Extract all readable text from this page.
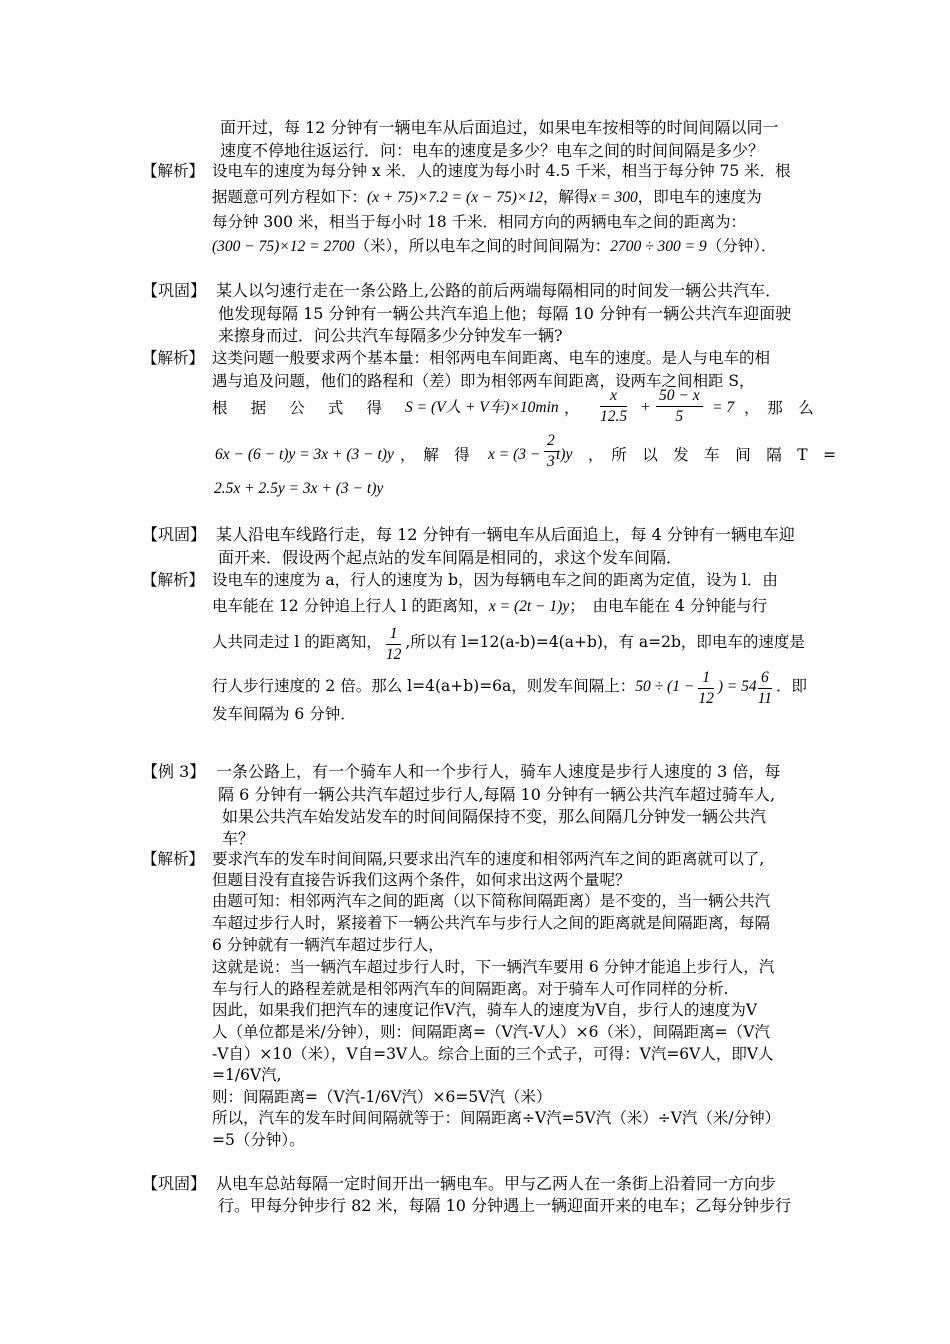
面开过，每 12 分钟有一辆电车从后面追过，如果电车按相等的时间间隔以同一
速度不停地往返运行．问：电车的速度是多少？电车之间的时间间隔是多少？
【解析】 设电车的速度为每分钟 x 米．人的速度为每小时 4.5 千米，相当于每分钟 75 米．根
据题意可列方程如下：(x + 75)×7.2 = (x − 75)×12，解得x = 300，即电车的速度为
每分钟 300 米，相当于每小时 18 千米．相同方向的两辆电车之间的距离为：
(300 − 75)×12 = 2700（米），所以电车之间的时间间隔为：2700 ÷ 300 = 9（分钟）．
【巩固】 某人以匀速行走在一条公路上,公路的前后两端每隔相同的时间发一辆公共汽车．
他发现每隔 15 分钟有一辆公共汽车追上他；每隔 10 分钟有一辆公共汽车迎面驶
来擦身而过．问公共汽车每隔多少分钟发车一辆?
【解析】 这类问题一般要求两个基本量：相邻两电车间距离、电车的速度。是人与电车的相
遇与追及问题，他们的路程和（差）即为相邻两车间距离，设两车之间相距 S，
根 据 公 式 得 S = (V人 + V车)×10min ， $\frac{x}{12.5} + \frac{50 - x}{5} = 7$ ，　那　么
6x − (6 − t)y = 3x + (3 − t)y ，　解　得 $x = (3 - \frac{2}{3}$
t)y ，　所　以　发　车　间　隔　T　=
2.5x + 2.5y = 3x + (3 − t)y
【巩固】 某人沿电车线路行走，每 12 分钟有一辆电车从后面追上，每 4 分钟有一辆电车迎
面开来．假设两个起点站的发车间隔是相同的，求这个发车间隔．
【解析】 设电车的速度为 a，行人的速度为 b，因为每辆电车之间的距离为定值，设为 l．由
电车能在 12 分钟追上行人 l 的距离知，x = (2t − 1)y；　由电车能在 4 分钟能与行
人共同走过 l 的距离知， $\frac{1}{12}$ ,所以有 l=12(a-b)=4(a+b)，有 a=2b，即电车的速度是
行人步行速度的 2 倍。那么 l=4(a+b)=6a，则发车间隔上：$50 \div (1 - \frac{1}{12}$ ) = $54 \frac{6}{11}$ ．即
发车间隔为 6 分钟．
【例 3】 一条公路上，有一个骑车人和一个步行人，骑车人速度是步行人速度的 3 倍，每
隔 6 分钟有一辆公共汽车超过步行人,每隔 10 分钟有一辆公共汽车超过骑车人,
如果公共汽车始发站发车的时间间隔保持不变，那么间隔几分钟发一辆公共汽
车？
【解析】 要求汽车的发车时间间隔,只要求出汽车的速度和相邻两汽车之间的距离就可以了,
但题目没有直接告诉我们这两个条件，如何求出这两个量呢？
由题可知：相邻两汽车之间的距离（以下简称间隔距离）是不变的，当一辆公共汽
车超过步行人时，紧接着下一辆公共汽车与步行人之间的距离就是间隔距离，每隔
6 分钟就有一辆汽车超过步行人，
这就是说：当一辆汽车超过步行人时，下一辆汽车要用 6 分钟才能追上步行人，汽
车与行人的路程差就是相邻两汽车的间隔距离。对于骑车人可作同样的分析.
因此，如果我们把汽车的速度记作Ⅴ汽，骑车人的速度为Ⅴ自，步行人的速度为Ⅴ
人（单位都是米/分钟），则：间隔距离=（Ⅴ汽-Ⅴ人）×6（米），间隔距离=（Ⅴ汽
-Ⅴ自）×10（米），Ⅴ自=3Ⅴ人。综合上面的三个式子，可得：Ⅴ汽=6Ⅴ人，即Ⅴ人
=1/6Ⅴ汽,
则：间隔距离=（Ⅴ汽-1/6Ⅴ汽）×6=5Ⅴ汽（米）
所以，汽车的发车时间间隔就等于：间隔距离÷Ⅴ汽=5Ⅴ汽（米）÷Ⅴ汽（米/分钟）
=5（分钟）。
【巩固】 从电车总站每隔一定时间开出一辆电车。甲与乙两人在一条街上沿着同一方向步
行。甲每分钟步行 82 米，每隔 10 分钟遇上一辆迎面开来的电车；乙每分钟步行
